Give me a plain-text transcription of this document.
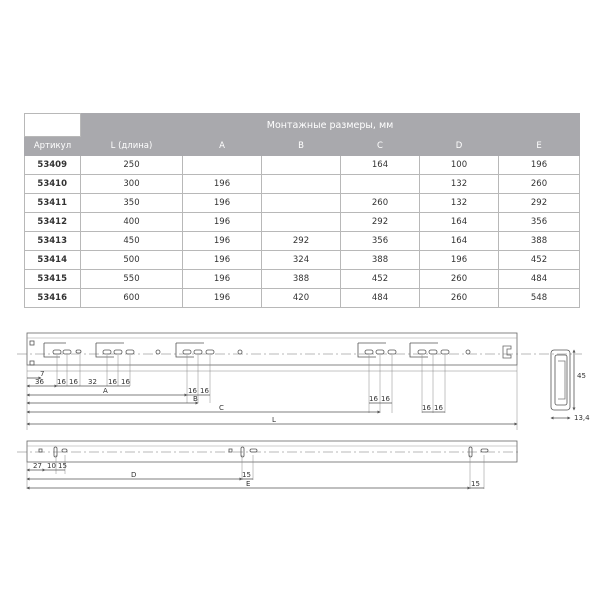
	Монтажные размеры, мм					
Артикул	L (длина)	A	B	C	D	E
53409	250			164	100	196
53410	300	196			132	260
53411	350	196		260	132	292
53412	400	196		292	164	356
53413	450	196	292	356	164	388
53414	500	196	324	388	196	452
53415	550	196	388	452	260	484
53416	600	196	420	484	260	548
7
36 16 16 32 16 16
A	16 16
B	16 16
C	16 16
L
45
13,4
27 10 15
D	15
E	15
